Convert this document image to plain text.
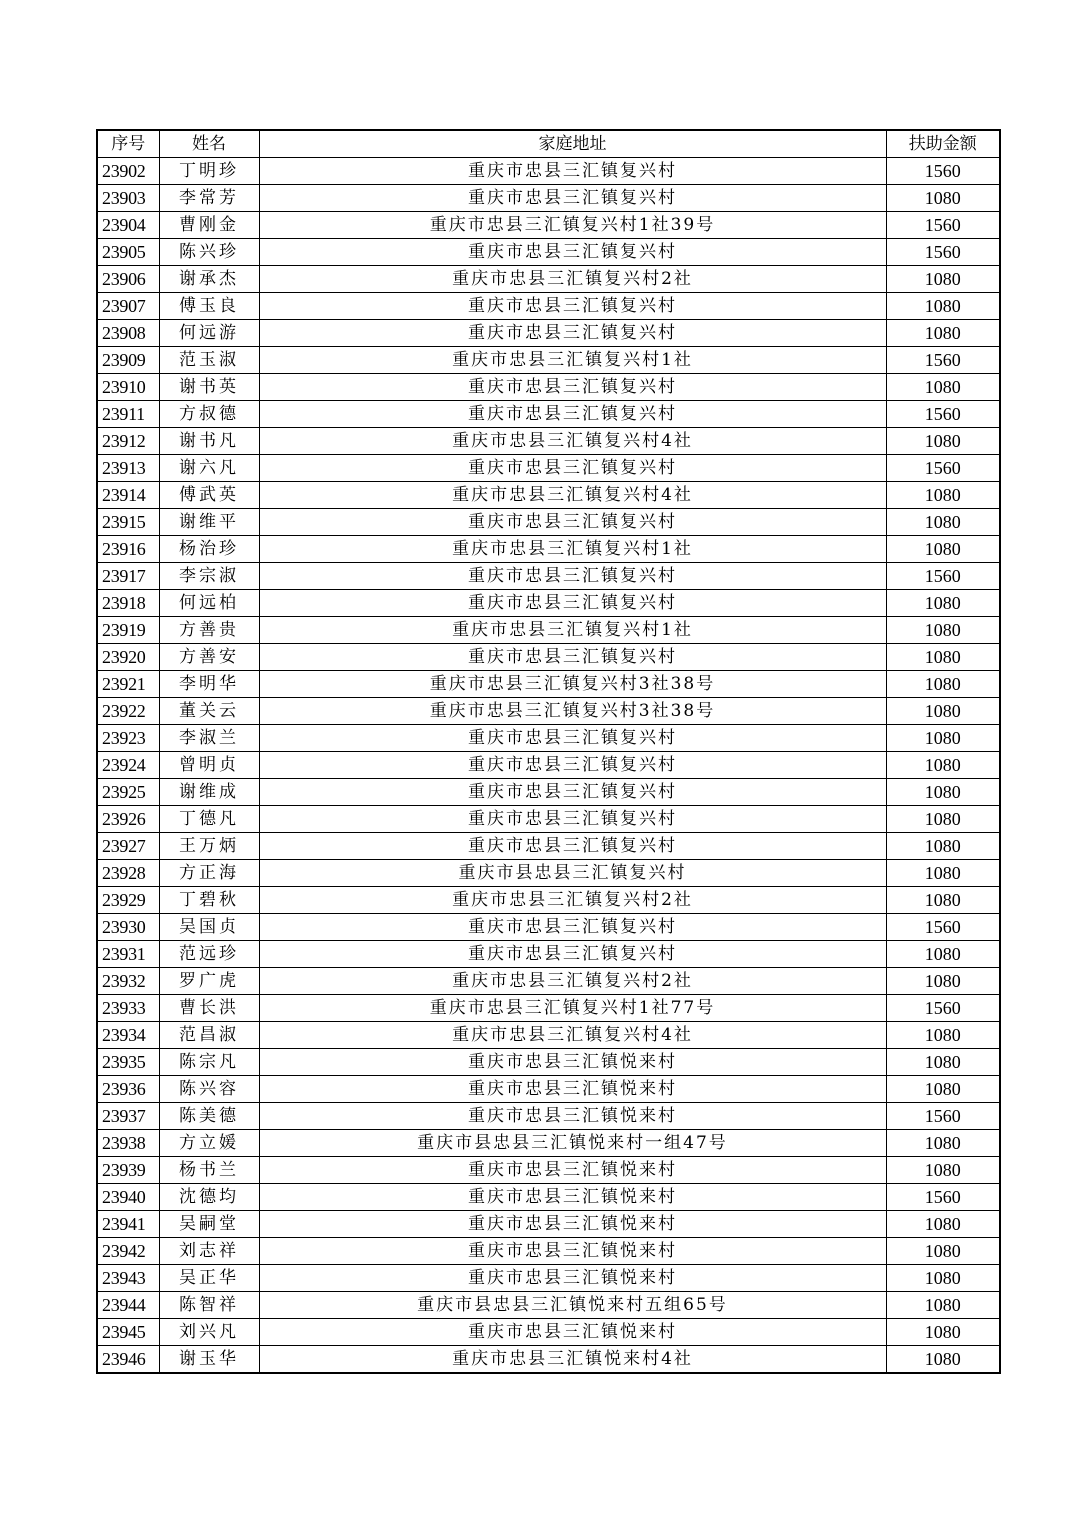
序号	姓名	家庭地址	扶助金额
23902	丁明珍	重庆市忠县三汇镇复兴村	1560
23903	李常芳	重庆市忠县三汇镇复兴村	1080
23904	曹刚金	重庆市忠县三汇镇复兴村1社39号	1560
23905	陈兴珍	重庆市忠县三汇镇复兴村	1560
23906	谢承杰	重庆市忠县三汇镇复兴村2社	1080
23907	傅玉良	重庆市忠县三汇镇复兴村	1080
23908	何远游	重庆市忠县三汇镇复兴村	1080
23909	范玉淑	重庆市忠县三汇镇复兴村1社	1560
23910	谢书英	重庆市忠县三汇镇复兴村	1080
23911	方叔德	重庆市忠县三汇镇复兴村	1560
23912	谢书凡	重庆市忠县三汇镇复兴村4社	1080
23913	谢六凡	重庆市忠县三汇镇复兴村	1560
23914	傅武英	重庆市忠县三汇镇复兴村4社	1080
23915	谢维平	重庆市忠县三汇镇复兴村	1080
23916	杨治珍	重庆市忠县三汇镇复兴村1社	1080
23917	李宗淑	重庆市忠县三汇镇复兴村	1560
23918	何远柏	重庆市忠县三汇镇复兴村	1080
23919	方善贵	重庆市忠县三汇镇复兴村1社	1080
23920	方善安	重庆市忠县三汇镇复兴村	1080
23921	李明华	重庆市忠县三汇镇复兴村3社38号	1080
23922	董关云	重庆市忠县三汇镇复兴村3社38号	1080
23923	李淑兰	重庆市忠县三汇镇复兴村	1080
23924	曾明贞	重庆市忠县三汇镇复兴村	1080
23925	谢维成	重庆市忠县三汇镇复兴村	1080
23926	丁德凡	重庆市忠县三汇镇复兴村	1080
23927	王万炳	重庆市忠县三汇镇复兴村	1080
23928	方正海	重庆市县忠县三汇镇复兴村	1080
23929	丁碧秋	重庆市忠县三汇镇复兴村2社	1080
23930	吴国贞	重庆市忠县三汇镇复兴村	1560
23931	范远珍	重庆市忠县三汇镇复兴村	1080
23932	罗广虎	重庆市忠县三汇镇复兴村2社	1080
23933	曹长洪	重庆市忠县三汇镇复兴村1社77号	1560
23934	范昌淑	重庆市忠县三汇镇复兴村4社	1080
23935	陈宗凡	重庆市忠县三汇镇悦来村	1080
23936	陈兴容	重庆市忠县三汇镇悦来村	1080
23937	陈美德	重庆市忠县三汇镇悦来村	1560
23938	方立媛	重庆市县忠县三汇镇悦来村一组47号	1080
23939	杨书兰	重庆市忠县三汇镇悦来村	1080
23940	沈德均	重庆市忠县三汇镇悦来村	1560
23941	吴嗣堂	重庆市忠县三汇镇悦来村	1080
23942	刘志祥	重庆市忠县三汇镇悦来村	1080
23943	吴正华	重庆市忠县三汇镇悦来村	1080
23944	陈智祥	重庆市县忠县三汇镇悦来村五组65号	1080
23945	刘兴凡	重庆市忠县三汇镇悦来村	1080
23946	谢玉华	重庆市忠县三汇镇悦来村4社	1080
